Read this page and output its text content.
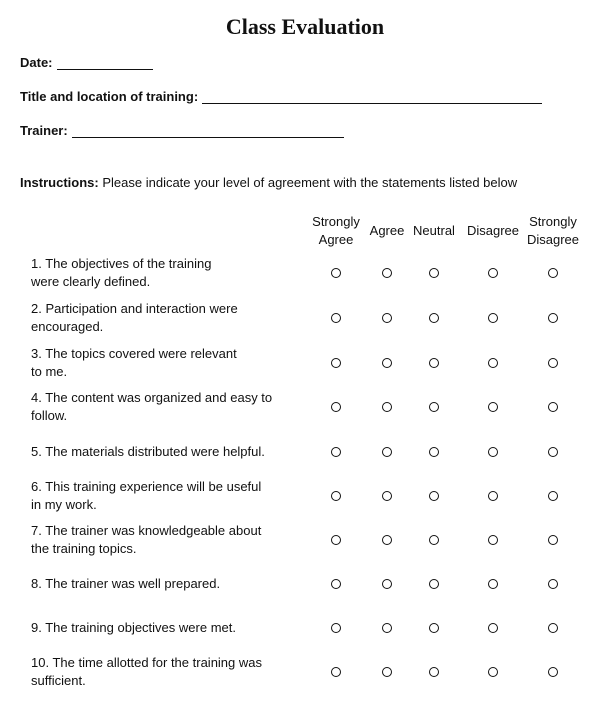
Class Evaluation
Date:
Title and location of training:
Trainer:
Instructions: Please indicate your level of agreement with the statements listed below
Strongly
Agree
Agree Neutral Disagree
Strongly
Disagree
1. The objectives of the training
were clearly defined.
2. Participation and interaction were
encouraged.
3. The topics covered were relevant
to me.
4. The content was organized and easy to
follow.
5. The materials distributed were helpful.
6. This training experience will be useful
in my work.
7. The trainer was knowledgeable about
the training topics.
8. The trainer was well prepared.
9. The training objectives were met.
10. The time allotted for the training was
sufficient.
